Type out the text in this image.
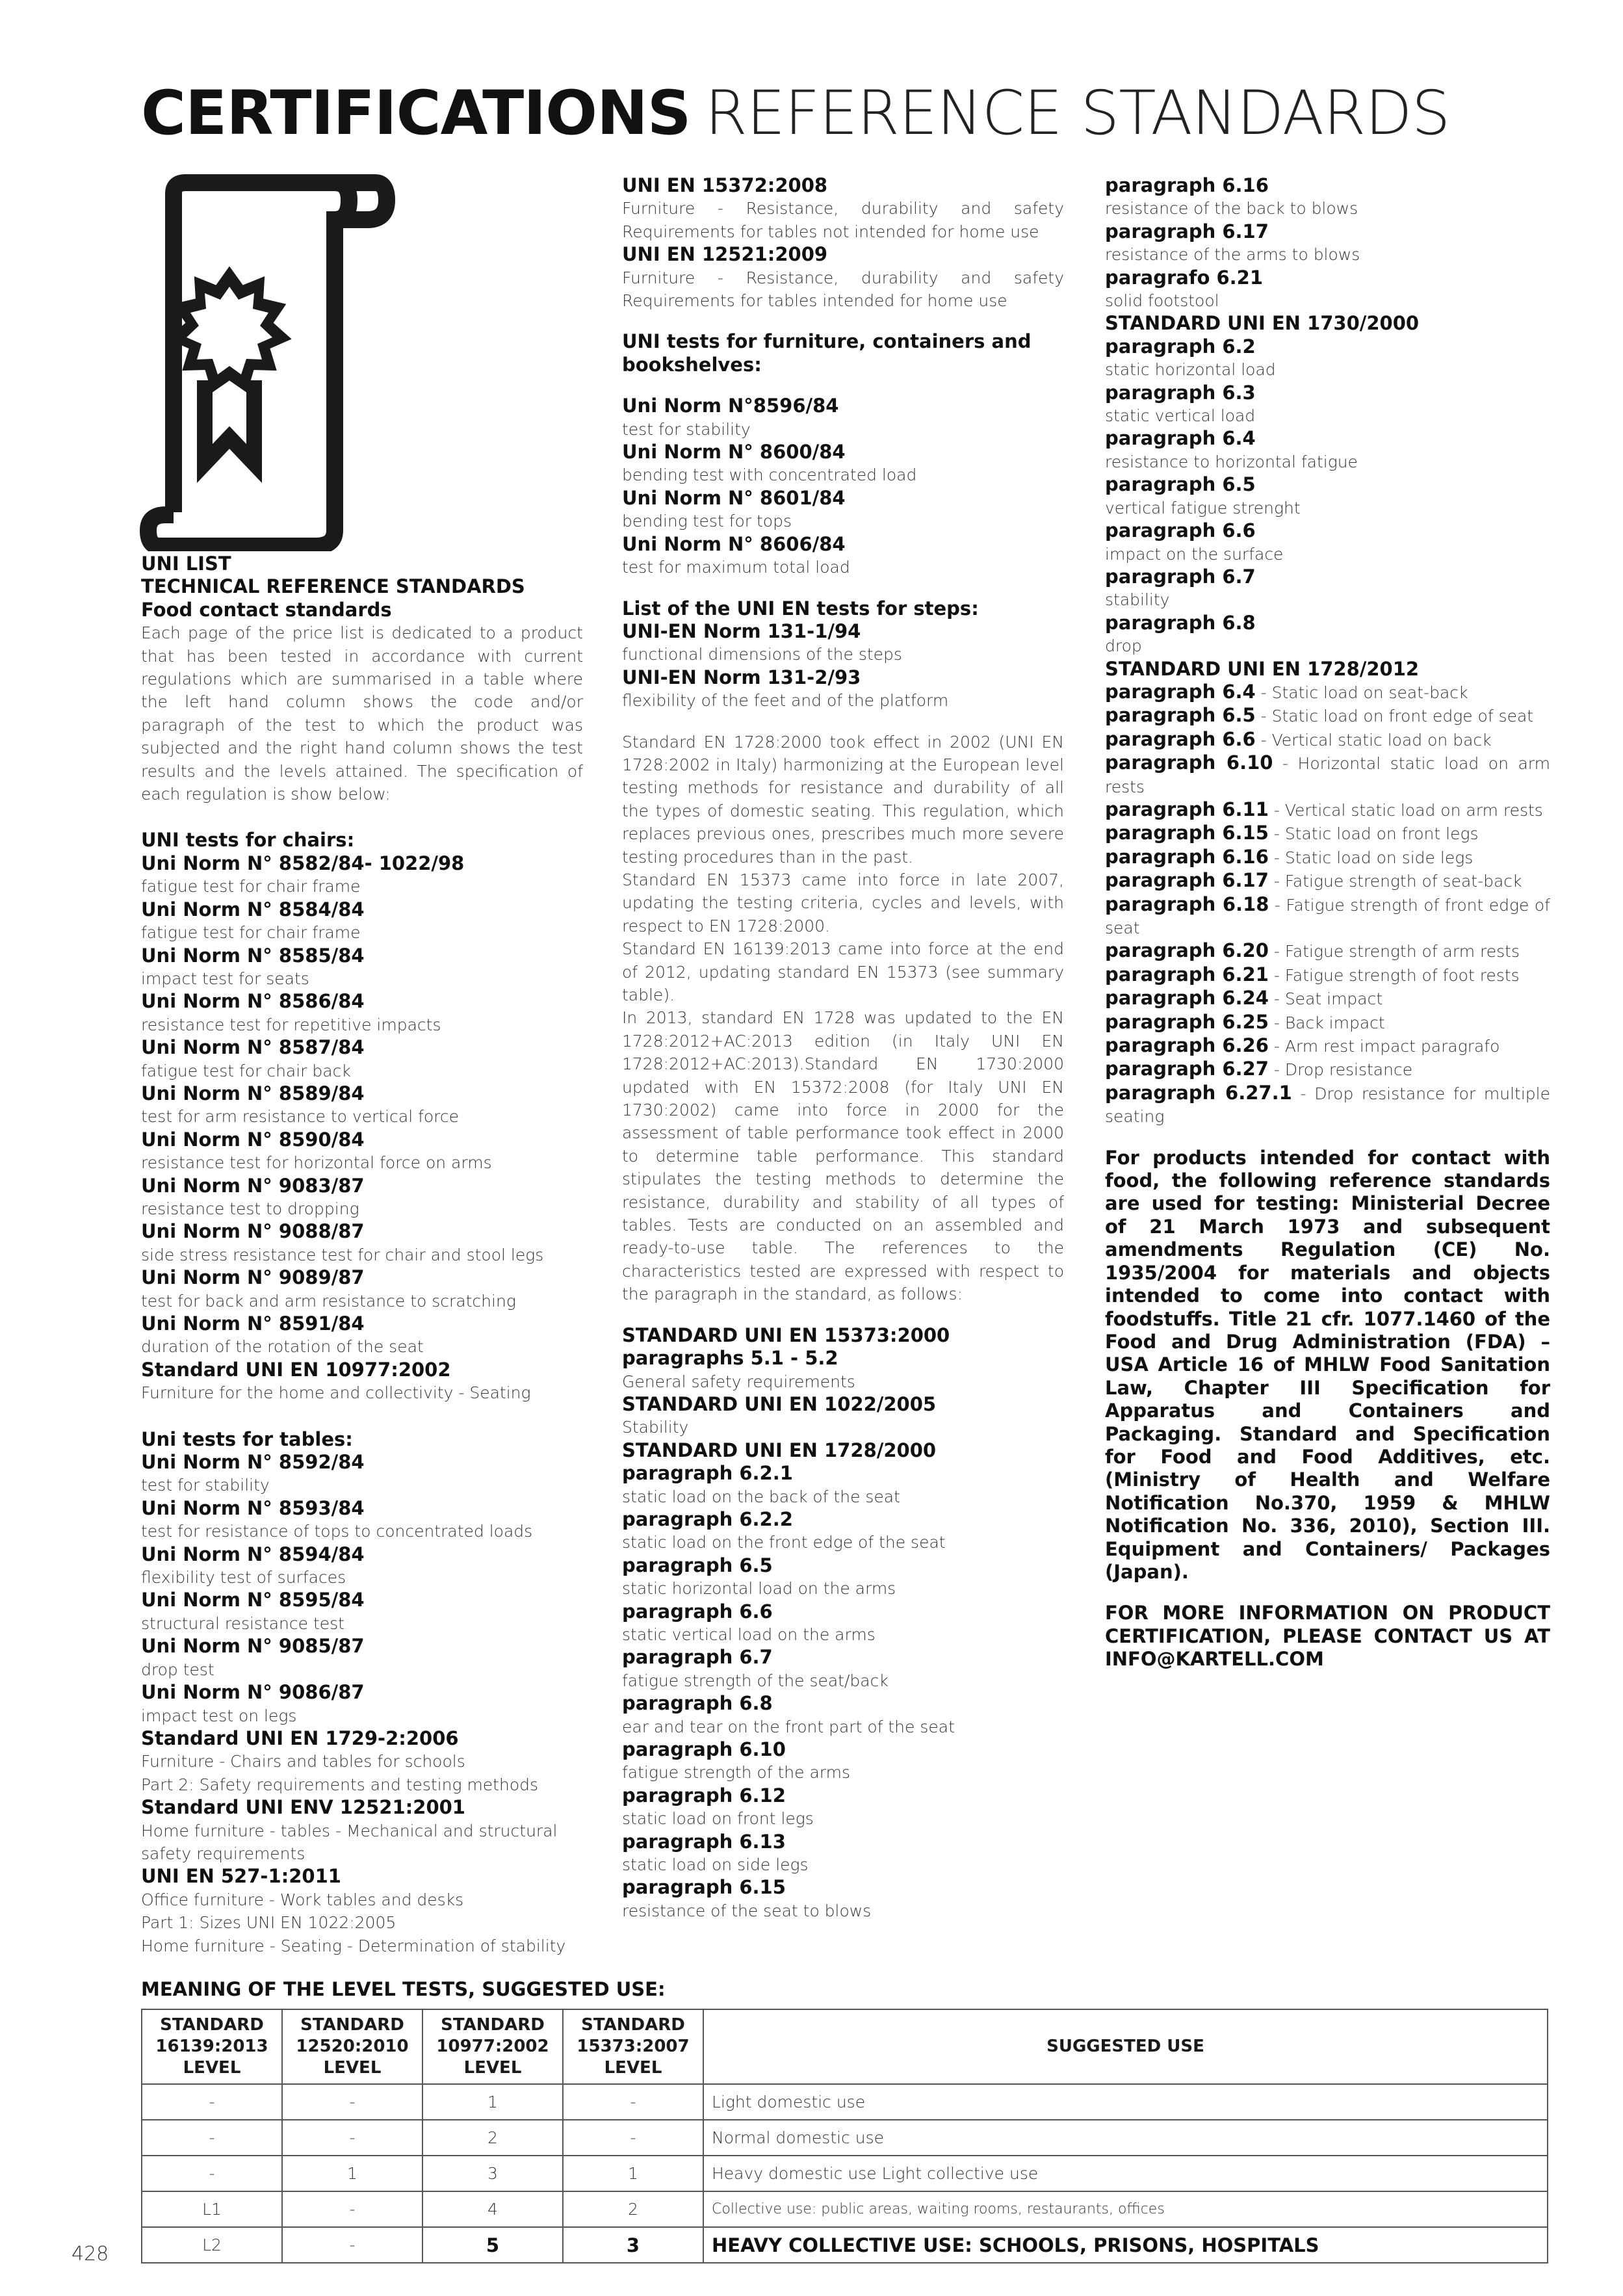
CERTIFICATIONS REFERENCE STANDARDS
UNI LIST
TECHNICAL REFERENCE STANDARDS
Food contact standards
Each page of the price list is dedicated to a product that has been tested in accordance with current regulations which are summarised in a table where the left hand column shows the code and/or paragraph of the test to which the product was subjected and the right hand column shows the test results and the levels attained. The specification of each regulation is show below:
UNI tests for chairs:
Uni Norm N° 8582/84- 1022/98
fatigue test for chair frame
Uni Norm N° 8584/84
fatigue test for chair frame
Uni Norm N° 8585/84
impact test for seats
Uni Norm N° 8586/84
resistance test for repetitive impacts
Uni Norm N° 8587/84
fatigue test for chair back
Uni Norm N° 8589/84
test for arm resistance to vertical force
Uni Norm N° 8590/84
resistance test for horizontal force on arms
Uni Norm N° 9083/87
resistance test to dropping
Uni Norm N° 9088/87
side stress resistance test for chair and stool legs
Uni Norm N° 9089/87
test for back and arm resistance to scratching
Uni Norm N° 8591/84
duration of the rotation of the seat
Standard UNI EN 10977:2002
Furniture for the home and collectivity - Seating
Uni tests for tables:
Uni Norm N° 8592/84
test for stability
Uni Norm N° 8593/84
test for resistance of tops to concentrated loads
Uni Norm N° 8594/84
flexibility test of surfaces
Uni Norm N° 8595/84
structural resistance test
Uni Norm N° 9085/87
drop test
Uni Norm N° 9086/87
impact test on legs
Standard UNI EN 1729-2:2006
Furniture - Chairs and tables for schools
Part 2: Safety requirements and testing methods
Standard UNI ENV 12521:2001
Home furniture - tables - Mechanical and structural safety requirements
UNI EN 527-1:2011
Office furniture - Work tables and desks
Part 1: Sizes UNI EN 1022:2005
Home furniture - Seating - Determination of stability
UNI EN 15372:2008
Furniture - Resistance, durability and safety Requirements for tables not intended for home use
UNI EN 12521:2009
Furniture - Resistance, durability and safety Requirements for tables intended for home use
UNI tests for furniture, containers and bookshelves:
Uni Norm N°8596/84
test for stability
Uni Norm N° 8600/84
bending test with concentrated load
Uni Norm N° 8601/84
bending test for tops
Uni Norm N° 8606/84
test for maximum total load
List of the UNI EN tests for steps:
UNI-EN Norm 131-1/94
functional dimensions of the steps
UNI-EN Norm 131-2/93
flexibility of the feet and of the platform
Standard EN 1728:2000 took effect in 2002 (UNI EN 1728:2002 in Italy) harmonizing at the European level testing methods for resistance and durability of all the types of domestic seating. This regulation, which replaces previous ones, prescribes much more severe testing procedures than in the past.
Standard EN 15373 came into force in late 2007, updating the testing criteria, cycles and levels, with respect to EN 1728:2000.
Standard EN 16139:2013 came into force at the end of 2012, updating standard EN 15373 (see summary table).
In 2013, standard EN 1728 was updated to the EN 1728:2012+AC:2013 edition (in Italy UNI EN 1728:2012+AC:2013).Standard EN 1730:2000 updated with EN 15372:2008 (for Italy UNI EN 1730:2002) came into force in 2000 for the assessment of table performance took effect in 2000 to determine table performance. This standard stipulates the testing methods to determine the resistance, durability and stability of all types of tables. Tests are conducted on an assembled and ready-to-use table. The references to the characteristics tested are expressed with respect to the paragraph in the standard, as follows:
STANDARD UNI EN 15373:2000
paragraphs 5.1 - 5.2
General safety requirements
STANDARD UNI EN 1022/2005
Stability
STANDARD UNI EN 1728/2000
paragraph 6.2.1
static load on the back of the seat
paragraph 6.2.2
static load on the front edge of the seat
paragraph 6.5
static horizontal load on the arms
paragraph 6.6
static vertical load on the arms
paragraph 6.7
fatigue strength of the seat/back
paragraph 6.8
ear and tear on the front part of the seat
paragraph 6.10
fatigue strength of the arms
paragraph 6.12
static load on front legs
paragraph 6.13
static load on side legs
paragraph 6.15
resistance of the seat to blows
paragraph 6.16
resistance of the back to blows
paragraph 6.17
resistance of the arms to blows
paragrafo 6.21
solid footstool
STANDARD UNI EN 1730/2000
paragraph 6.2
static horizontal load
paragraph 6.3
static vertical load
paragraph 6.4
resistance to horizontal fatigue
paragraph 6.5
vertical fatigue strenght
paragraph 6.6
impact on the surface
paragraph 6.7
stability
paragraph 6.8
drop
STANDARD UNI EN 1728/2012
paragraph 6.4 - Static load on seat-back
paragraph 6.5 - Static load on front edge of seat
paragraph 6.6 - Vertical static load on back
paragraph 6.10 - Horizontal static load on arm rests
paragraph 6.11 - Vertical static load on arm rests
paragraph 6.15 - Static load on front legs
paragraph 6.16 - Static load on side legs
paragraph 6.17 - Fatigue strength of seat-back
paragraph 6.18 - Fatigue strength of front edge of seat
paragraph 6.20 - Fatigue strength of arm rests
paragraph 6.21 - Fatigue strength of foot rests
paragraph 6.24 - Seat impact
paragraph 6.25 - Back impact
paragraph 6.26 - Arm rest impact paragrafo
paragraph 6.27 - Drop resistance
paragraph 6.27.1 - Drop resistance for multiple seating
For products intended for contact with food, the following reference standards are used for testing: Ministerial Decree of 21 March 1973 and subsequent amendments Regulation (CE) No. 1935/2004 for materials and objects intended to come into contact with foodstuffs. Title 21 cfr. 1077.1460 of the Food and Drug Administration (FDA) – USA Article 16 of MHLW Food Sanitation Law, Chapter III Specification for Apparatus and Containers and Packaging. Standard and Specification for Food and Food Additives, etc. (Ministry of Health and Welfare Notification No.370, 1959 & MHLW Notification No. 336, 2010), Section III. Equipment and Containers/ Packages (Japan).
FOR MORE INFORMATION ON PRODUCT CERTIFICATION, PLEASE CONTACT US AT INFO@KARTELL.COM
MEANING OF THE LEVEL TESTS, SUGGESTED USE:
STANDARD 16139:2013 LEVEL	STANDARD 12520:2010 LEVEL	STANDARD 10977:2002 LEVEL	STANDARD 15373:2007 LEVEL	SUGGESTED USE
-	-	1	-	Light domestic use
-	-	2	-	Normal domestic use
-	1	3	1	Heavy domestic use Light collective use
L1	-	4	2	Collective use: public areas, waiting rooms, restaurants, offices
L2	-	5	3	HEAVY COLLECTIVE USE: SCHOOLS, PRISONS, HOSPITALS
428
